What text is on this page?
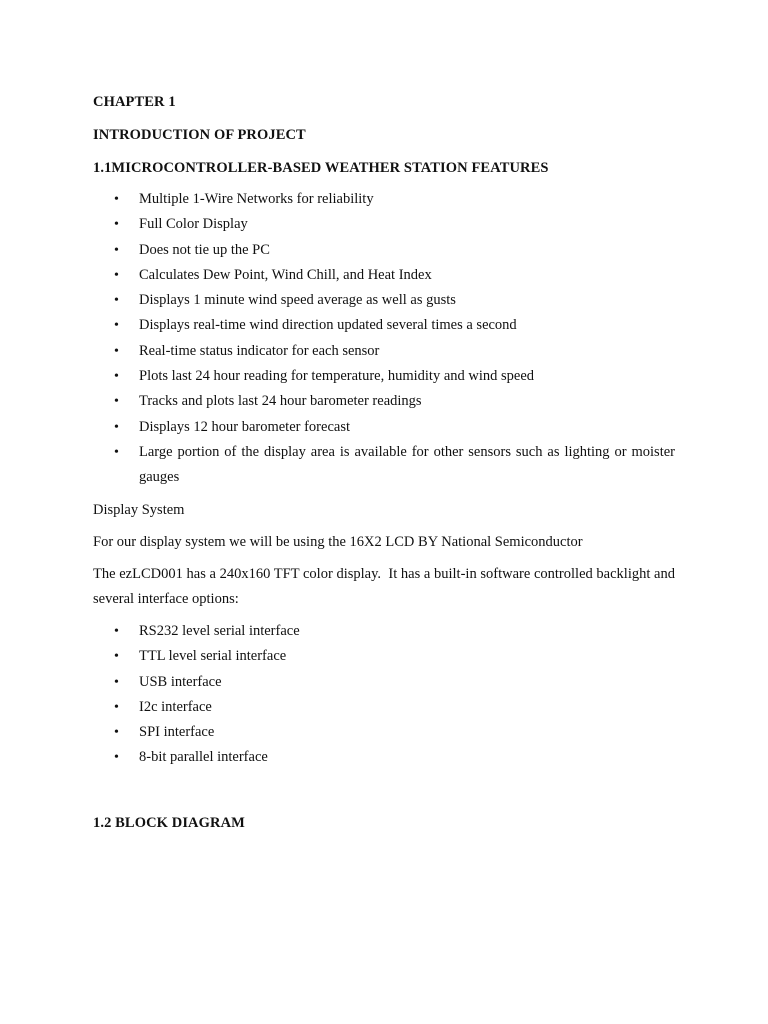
CHAPTER 1
INTRODUCTION OF PROJECT
1.1MICROCONTROLLER-BASED WEATHER STATION FEATURES
• Multiple 1-Wire Networks for reliability
• Full Color Display
• Does not tie up the PC
• Calculates Dew Point, Wind Chill, and Heat Index
• Displays 1 minute wind speed average as well as gusts
• Displays real-time wind direction updated several times a second
• Real-time status indicator for each sensor
• Plots last 24 hour reading for temperature, humidity and wind speed
• Tracks and plots last 24 hour barometer readings
• Displays 12 hour barometer forecast
• Large portion of the display area is available for other sensors such as lighting or moister gauges
Display System
For our display system we will be using the 16X2 LCD BY National Semiconductor
The ezLCD001 has a 240x160 TFT color display.  It has a built-in software controlled backlight and several interface options:
• RS232 level serial interface
• TTL level serial interface
• USB interface
• I2c interface
• SPI interface
• 8-bit parallel interface
1.2 BLOCK DIAGRAM
